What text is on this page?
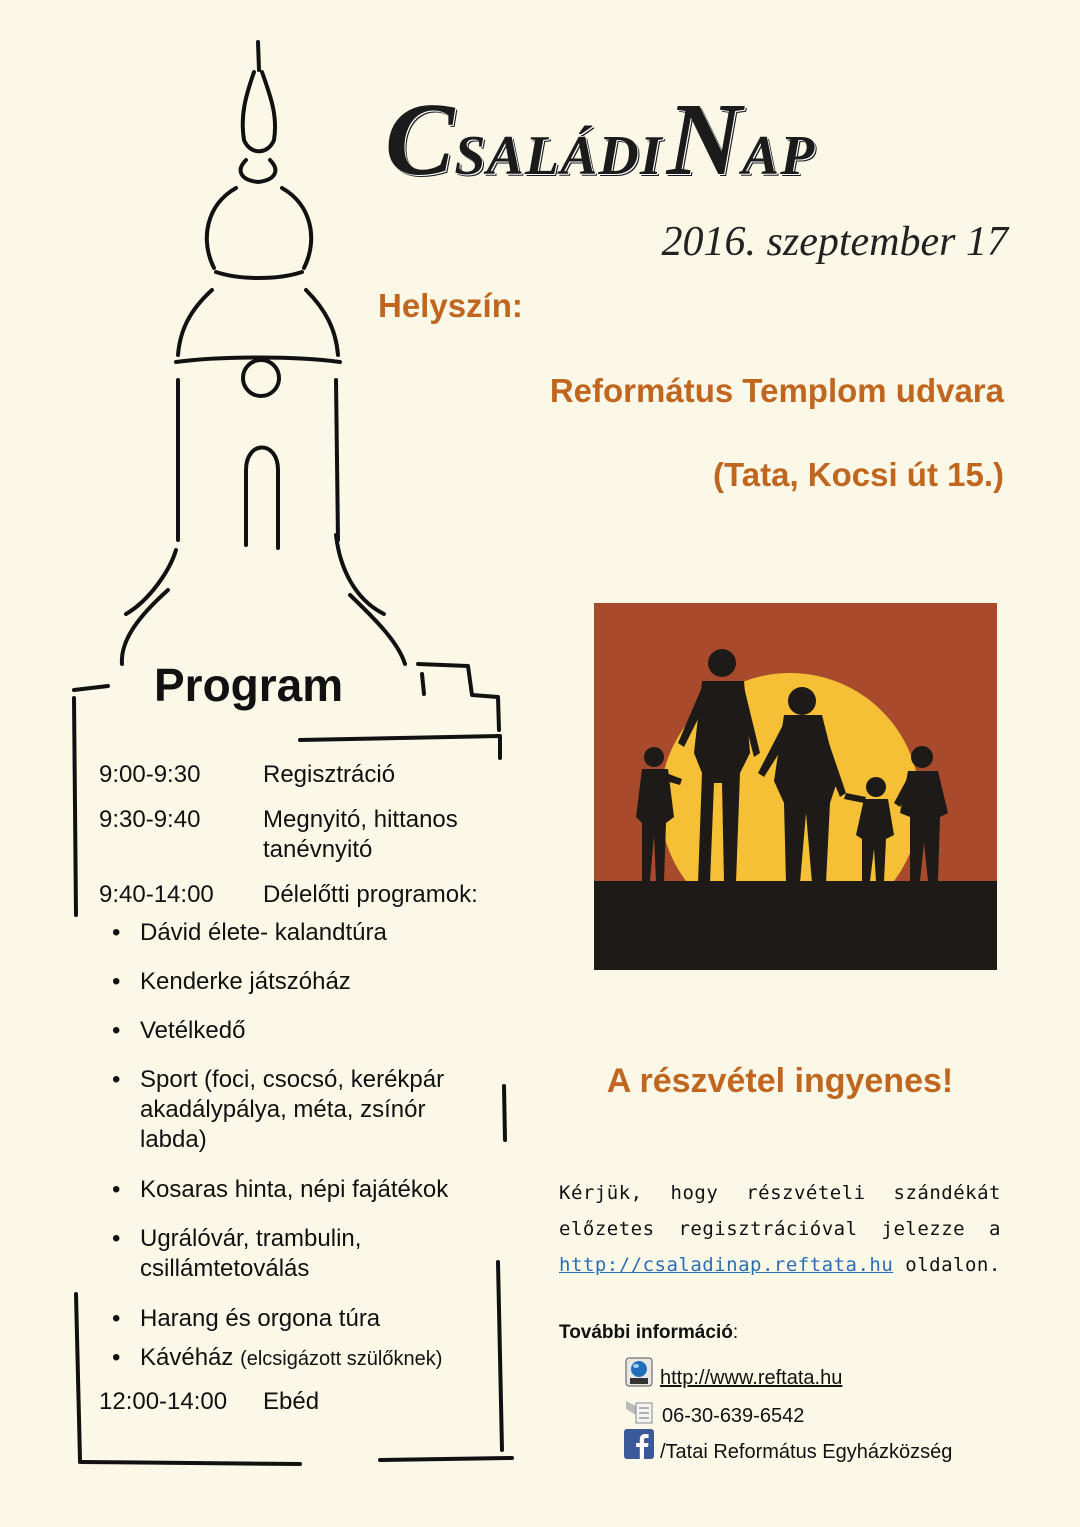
CSALÁDI NAP
2016. szeptember 17
Helyszín:
Református Templom udvara
(Tata, Kocsi út 15.)
Program
9:00-9:30	Regisztráció
9:30-9:40	Megnyitó, hittanos tanévnyitó
9:40-14:00 Délelőtti programok:
• Dávid élete- kalandtúra
• Kenderke játszóház
• Vetélkedő
• Sport (foci, csocsó, kerékpár akadálypálya, méta, zsínór labda)
• Kosaras hinta, népi fajátékok
• Ugrálóvár, trambulin, csillámtetoválás
• Harang és orgona túra
• Kávéház (elcsigázott szülőknek)
12:00-14:00 Ebéd
A részvétel ingyenes!
Kérjük, hogy részvételi szándékát előzetes regisztrációval jelezze a http://csaladinap.reftata.hu oldalon.
További információ:
http://www.reftata.hu
06-30-639-6542
/Tatai Református Egyházközség
